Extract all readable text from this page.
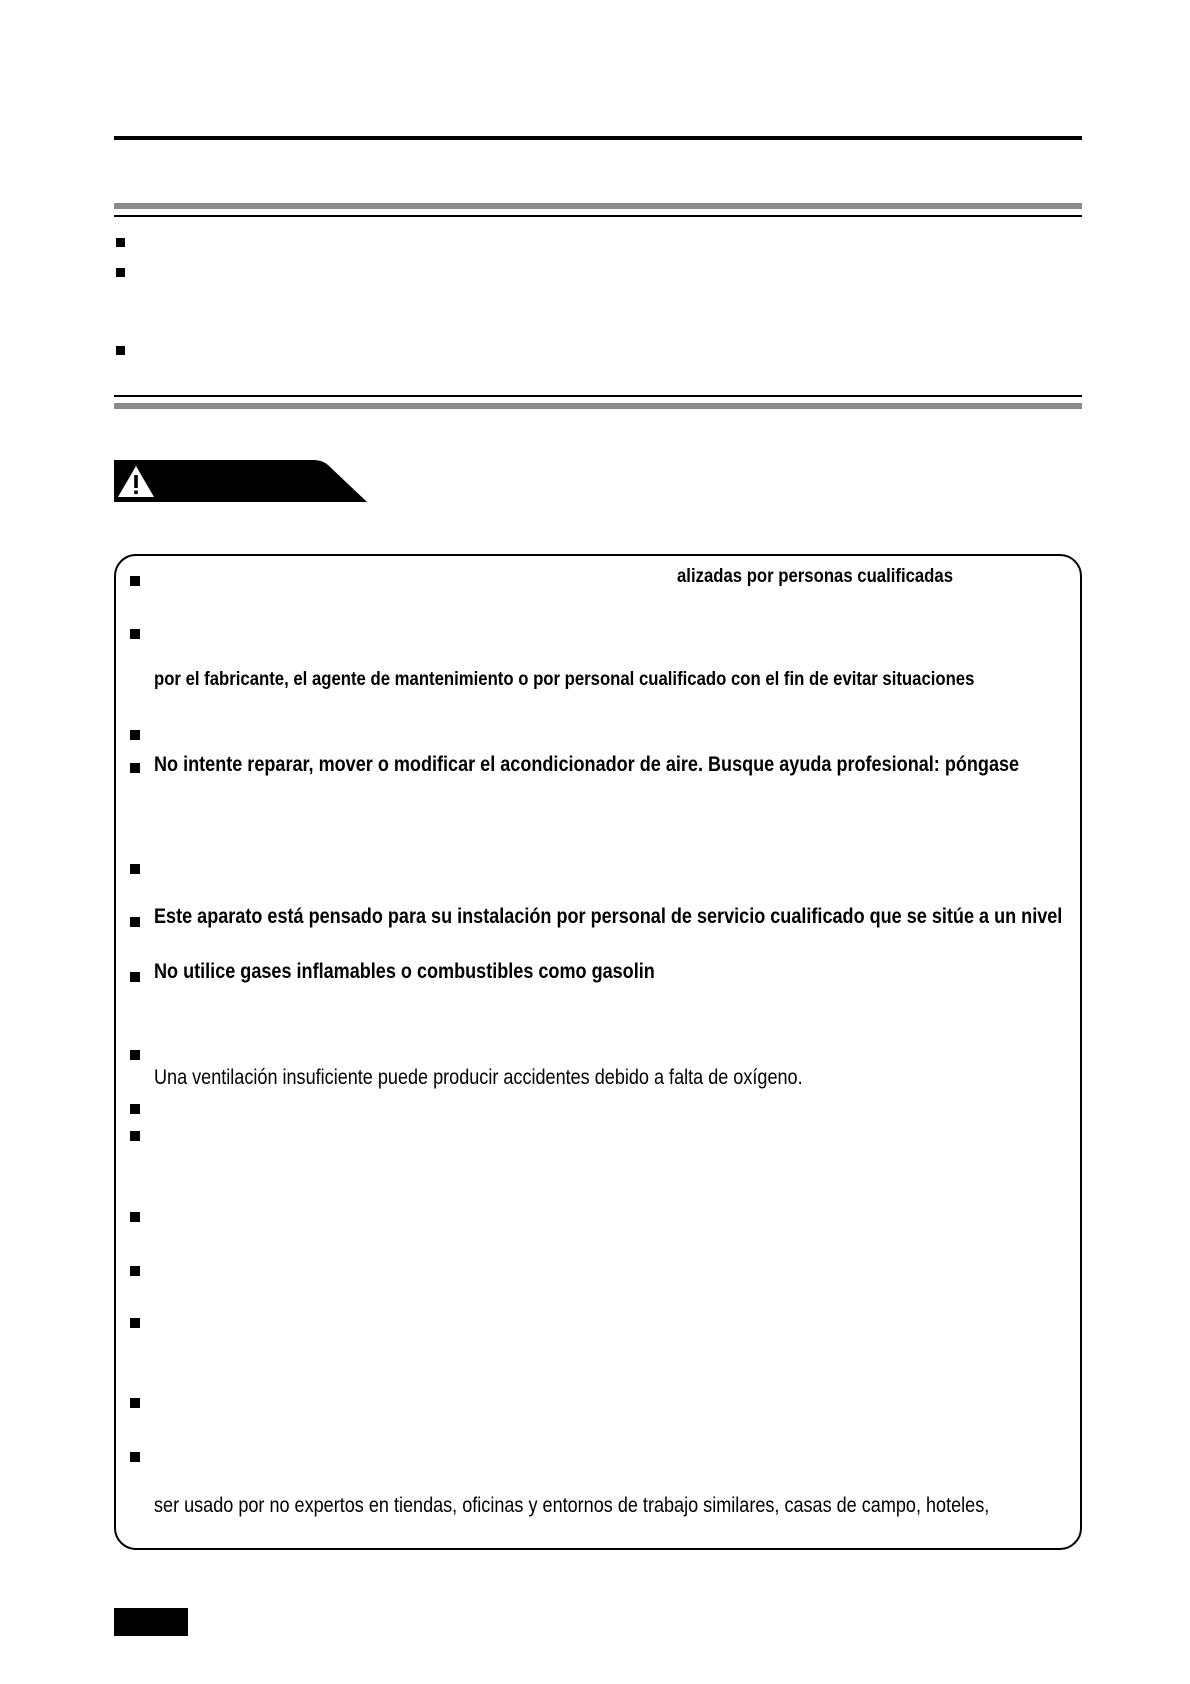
alizadas por personas cualificadas
por el fabricante, el agente de mantenimiento o por personal cualificado con el fin de evitar situaciones
No intente reparar, mover o modificar el acondicionador de aire. Busque ayuda profesional: póngase
Este aparato está pensado para su instalación por personal de servicio cualificado que se sitúe a un nivel
No utilice gases inflamables o combustibles como gasolin
Una ventilación insuficiente puede producir accidentes debido a falta de oxígeno.
ser usado por no expertos en tiendas, oficinas y entornos de trabajo similares, casas de campo, hoteles,
